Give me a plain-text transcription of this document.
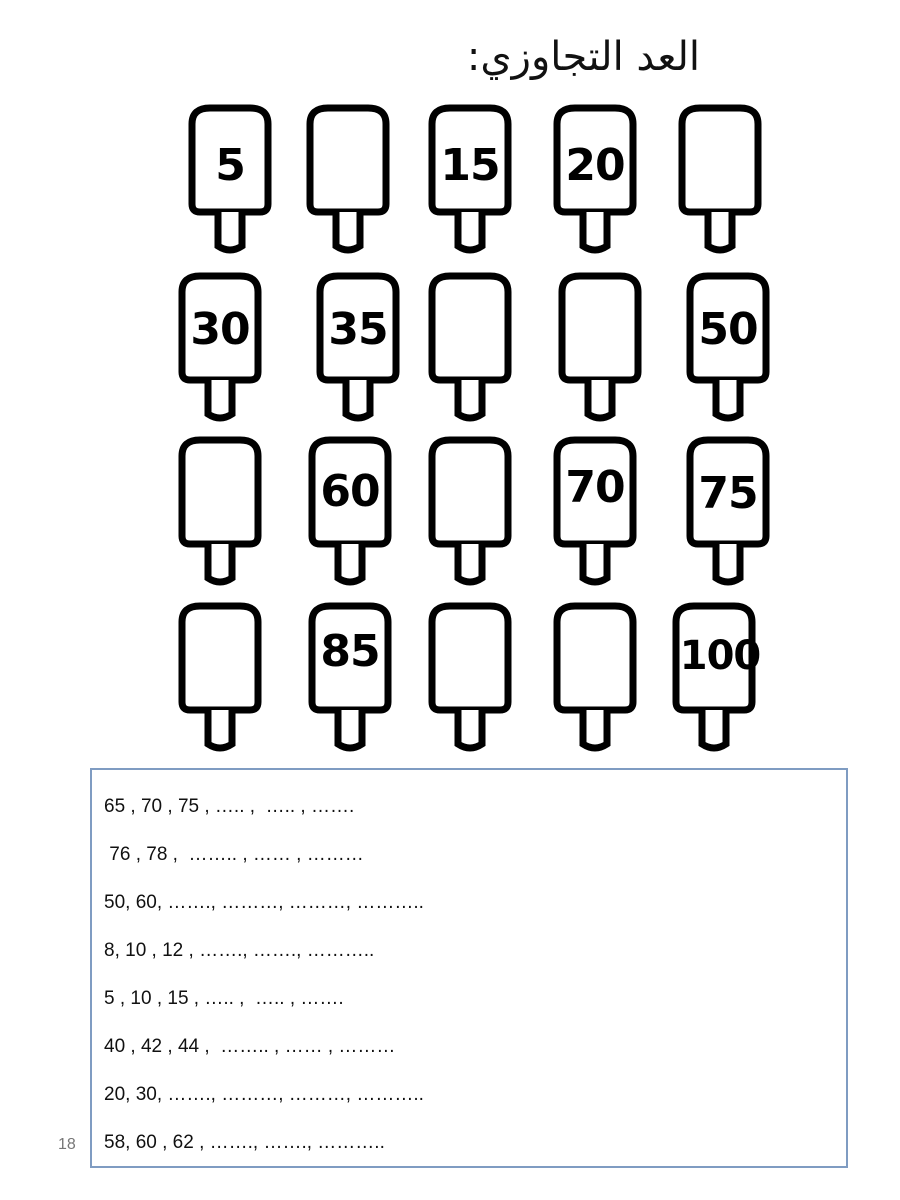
العد التجاوزي:
5	15 20
30 35	50
60	70 75
85	100
65 , 70 , 75 , ….. ,  ….. , …….
76 , 78 ,  …….. , …… , ………
50, 60, ……., ………, ………, ………..
8, 10 , 12 , ……., ……., ………..
5 , 10 , 15 , ….. ,  ….. , …….
40 , 42 , 44 ,  …….. , …… , ………
20, 30, ……., ………, ………, ………..
58, 60 , 62 , ……., ……., ………..
18
